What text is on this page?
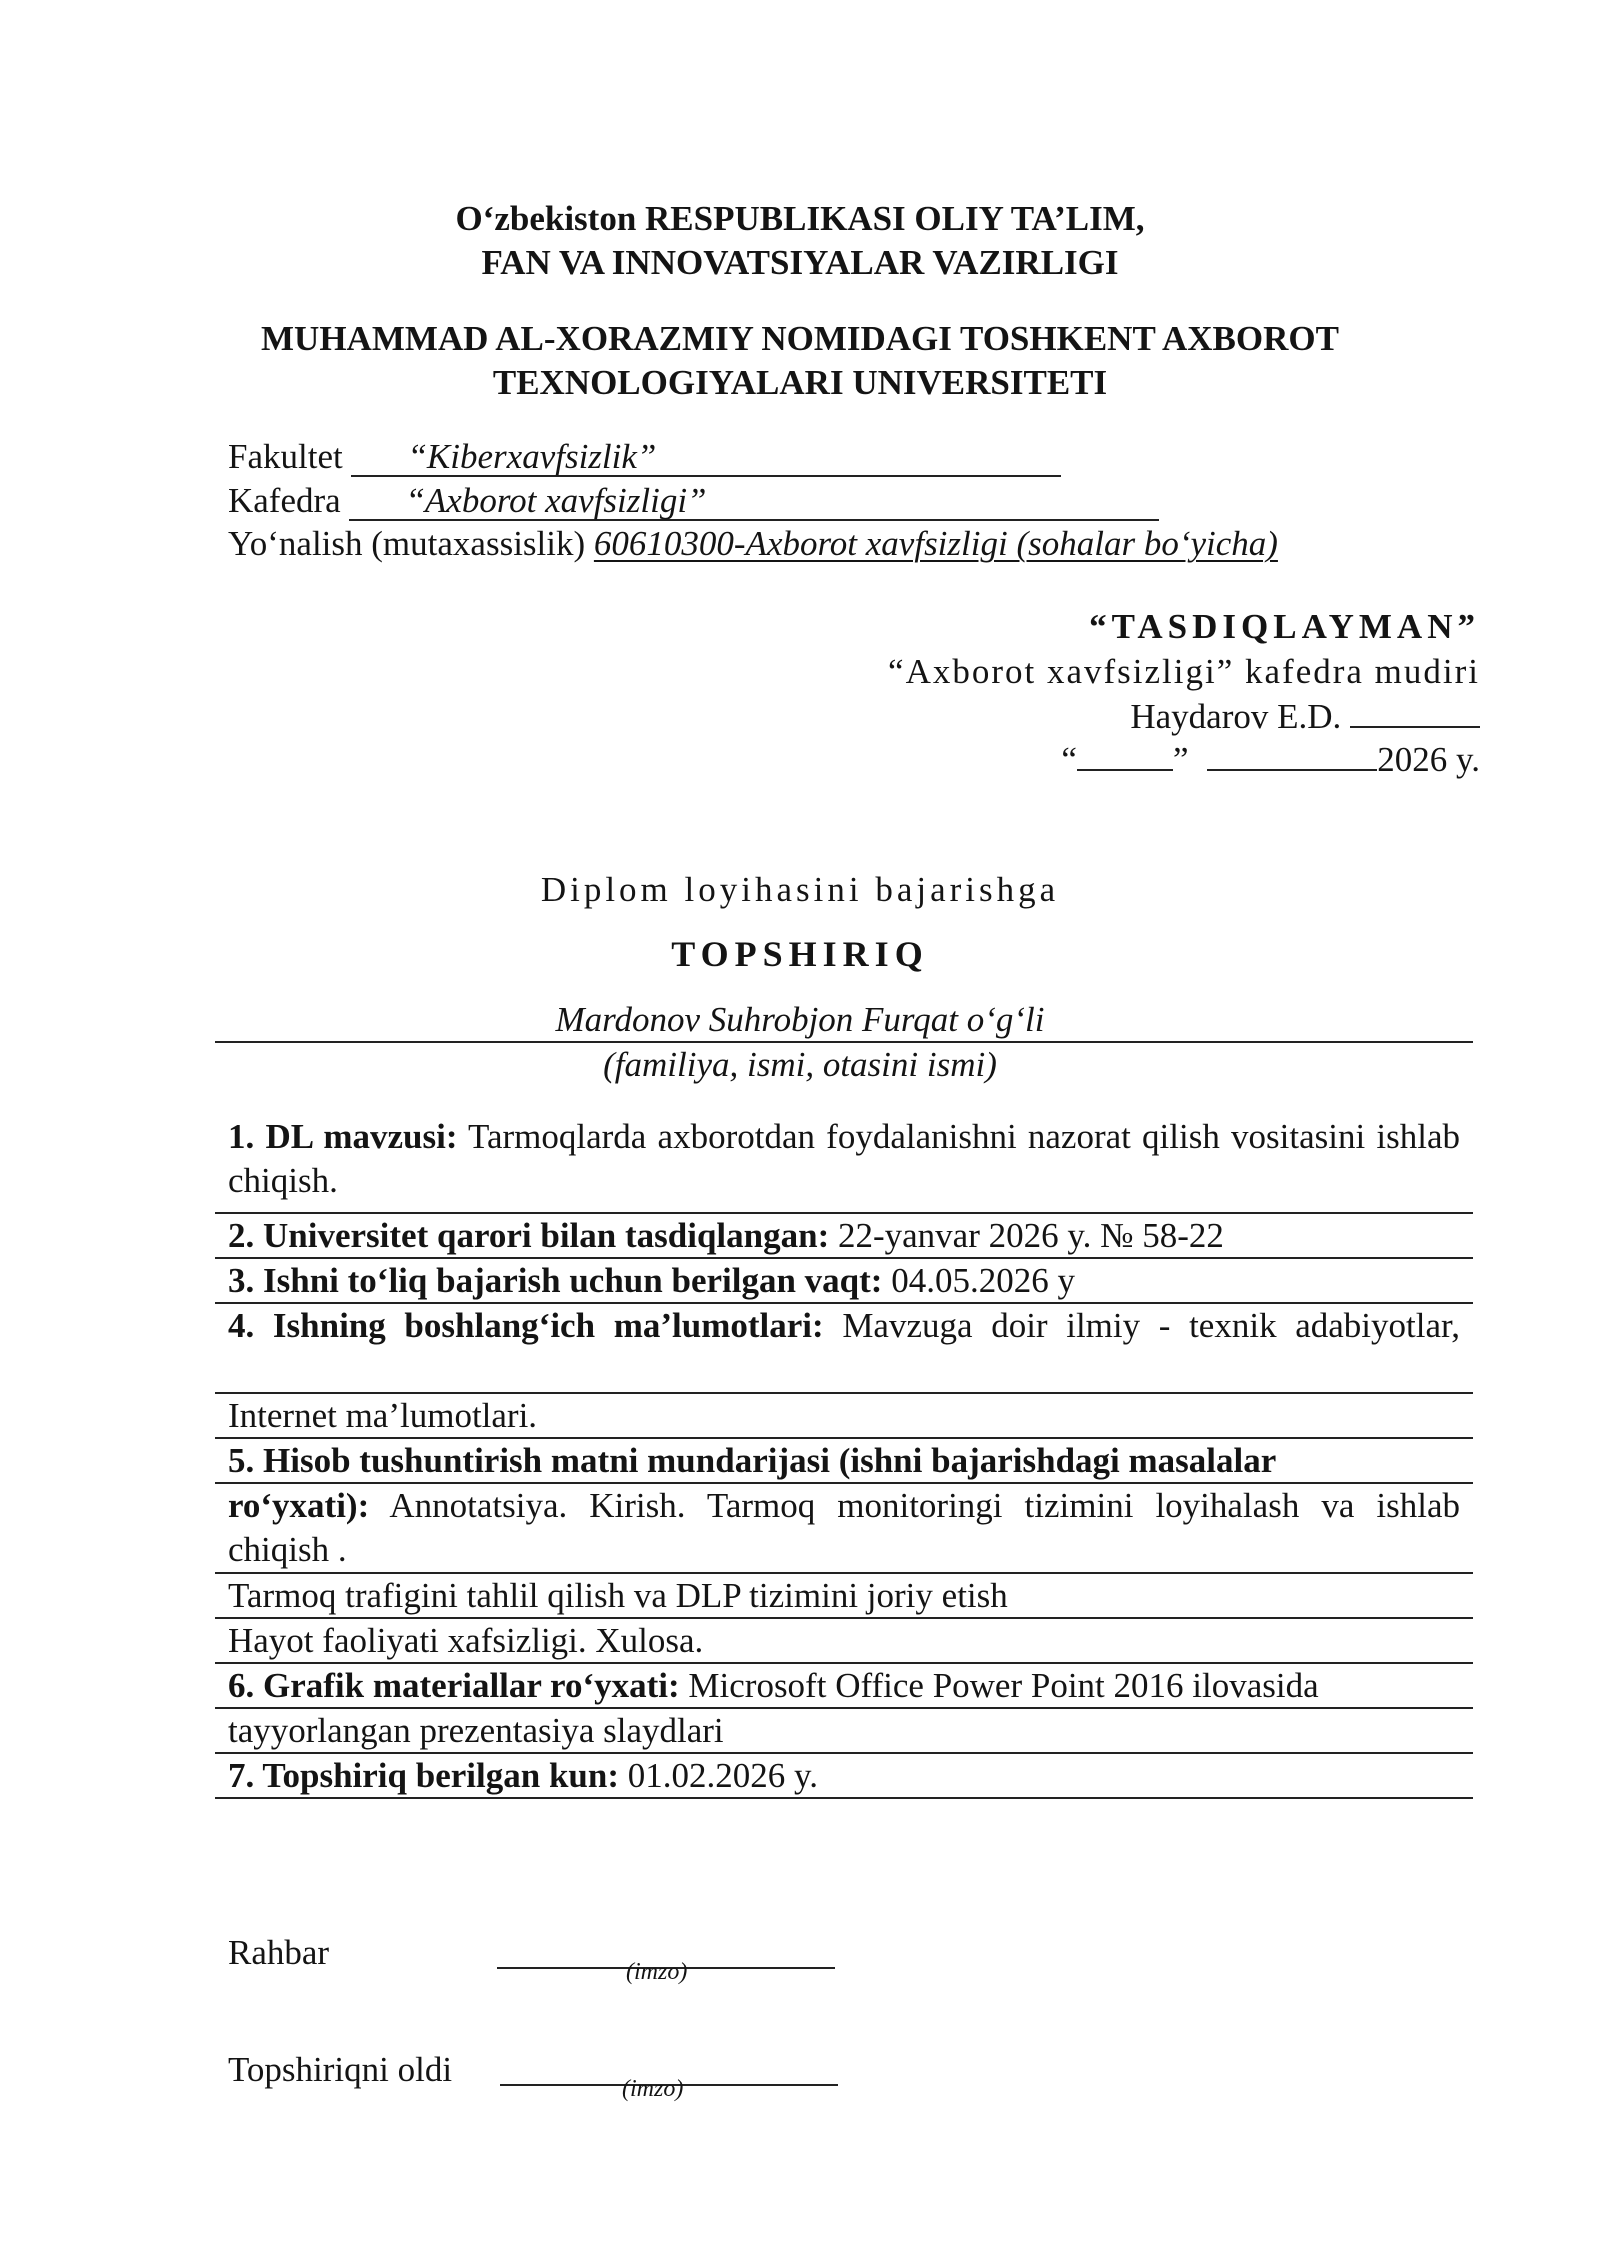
O‘zbekiston RESPUBLIKASI OLIY TA’LIM,
FAN VA INNOVATSIYALAR VAZIRLIGI
MUHAMMAD AL-XORAZMIY NOMIDAGI TOSHKENT AXBOROT
TEXNOLOGIYALARI UNIVERSITETI
Fakultet “Kiberxavfsizlik”
Kafedra “Axborot xavfsizligi”
Yo‘nalish (mutaxassislik) 60610300-Axborot xavfsizligi (sohalar bo‘yicha)
“TASDIQLAYMAN”
“Axborot xavfsizligi” kafedra mudiri
Haydarov E.D.
“	”	2026 y.
Diplom loyihasini bajarishga
TOPSHIRIQ
Mardonov Suhrobjon Furqat o‘g‘li
(familiya, ismi, otasini ismi)
1. DL mavzusi: Tarmoqlarda axborotdan foydalanishni nazorat qilish vositasini ishlab chiqish.
2. Universitet qarori bilan tasdiqlangan: 22-yanvar 2026 y. № 58-22
3. Ishni to‘liq bajarish uchun berilgan vaqt: 04.05.2026 y
4. Ishning boshlang‘ich ma’lumotlari: Mavzuga doir ilmiy - texnik adabiyotlar,
Internet ma’lumotlari.
5. Hisob tushuntirish matni mundarijasi (ishni bajarishdagi masalalar
ro‘yxati): Annotatsiya. Kirish. Tarmoq monitoringi tizimini loyihalash va ishlab chiqish .
Tarmoq trafigini tahlil qilish va DLP tizimini joriy etish
Hayot faoliyati xafsizligi. Xulosa.
6. Grafik materiallar ro‘yxati: Microsoft Office Power Point 2016 ilovasida
tayyorlangan prezentasiya slaydlari
7. Topshiriq berilgan kun: 01.02.2026 y.
Rahbar	(imzo)
Topshiriqni oldi	(imzo)
